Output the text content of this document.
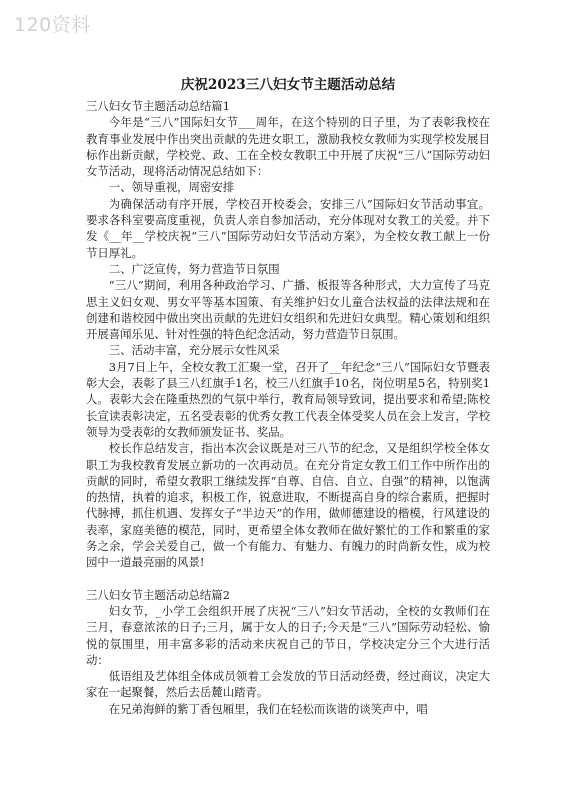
120资料
庆祝2023三八妇女节主题活动总结

三八妇女节主题活动总结篇1

今年是“三八”国际妇女节___周年，在这个特别的日子里，为了表彰我校在教育事业发展中作出突出贡献的先进女职工，激励我校女教师为实现学校发展目标作出新贡献，学校党、政、工在全校女教职工中开展了庆祝“三八”国际劳动妇女节活动，现将活动情况总结如下：

一、领导重视，周密安排

为确保活动有序开展，学校召开校委会，安排三八”国际妇女节活动事宜。要求各科室要高度重视，负责人亲自参加活动，充分体现对女教工的关爱。并下发《__年__学校庆祝“三八”国际劳动妇女节活动方案》，为全校女教工献上一份节日厚礼。

二、广泛宣传，努力营造节日氛围

“三八”期间，利用各种政治学习、广播、板报等各种形式，大力宣传了马克思主义妇女观、男女平等基本国策、有关维护妇女儿童合法权益的法律法规和在创建和谐校园中做出突出贡献的先进妇女组织和先进妇女典型。精心策划和组织开展喜闻乐见、针对性强的特色纪念活动，努力营造节日氛围。

三、活动丰富，充分展示女性风采

3月7日上午，全校女教工汇聚一堂，召开了__年纪念“三八”国际妇女节暨表彰大会，表彰了县三八红旗手1名，校三八红旗手10名，岗位明星5名，特别奖1人。表彰大会在隆重热烈的气氛中举行，教育局领导致词，提出要求和希望;陈校长宣读表彰决定，五名受表彰的优秀女教工代表全体受奖人员在会上发言，学校领导为受表彰的女教师颁发证书、奖品。

校长作总结发言，指出本次会议既是对三八节的纪念，又是组织学校全体女职工为我校教育发展立新功的一次再动员。在充分肯定女教工们工作中所作出的贡献的同时，希望女教职工继续发挥“自尊、自信、自立、自强”的精神，以饱满的热情，执着的追求，积极工作，锐意进取，不断提高自身的综合素质，把握时代脉搏，抓住机遇、发挥女子“半边天”的作用，做师德建设的楷模，行风建设的表率，家庭美德的模范，同时，更希望全体女教师在做好繁忙的工作和繁重的家务之余，学会关爱自己，做一个有能力、有魅力、有魄力的时尚新女性，成为校园中一道最亮丽的风景!

三八妇女节主题活动总结篇2

妇女节，_小学工会组织开展了庆祝“三八”妇女节活动，全校的女教师们在三月，春意浓浓的日子;三月，属于女人的日子;今天是“三八”国际劳动轻松、愉悦的氛围里，用丰富多彩的活动来庆祝自己的节日，学校决定分三个大进行活动：

低语组及艺体组全体成员领着工会发放的节日活动经费，经过商议，决定大家在一起聚餐，然后去岳麓山踏青。

在兄弟海鲜的紫丁香包厢里，我们在轻松而诙谐的谈笑声中，唱
